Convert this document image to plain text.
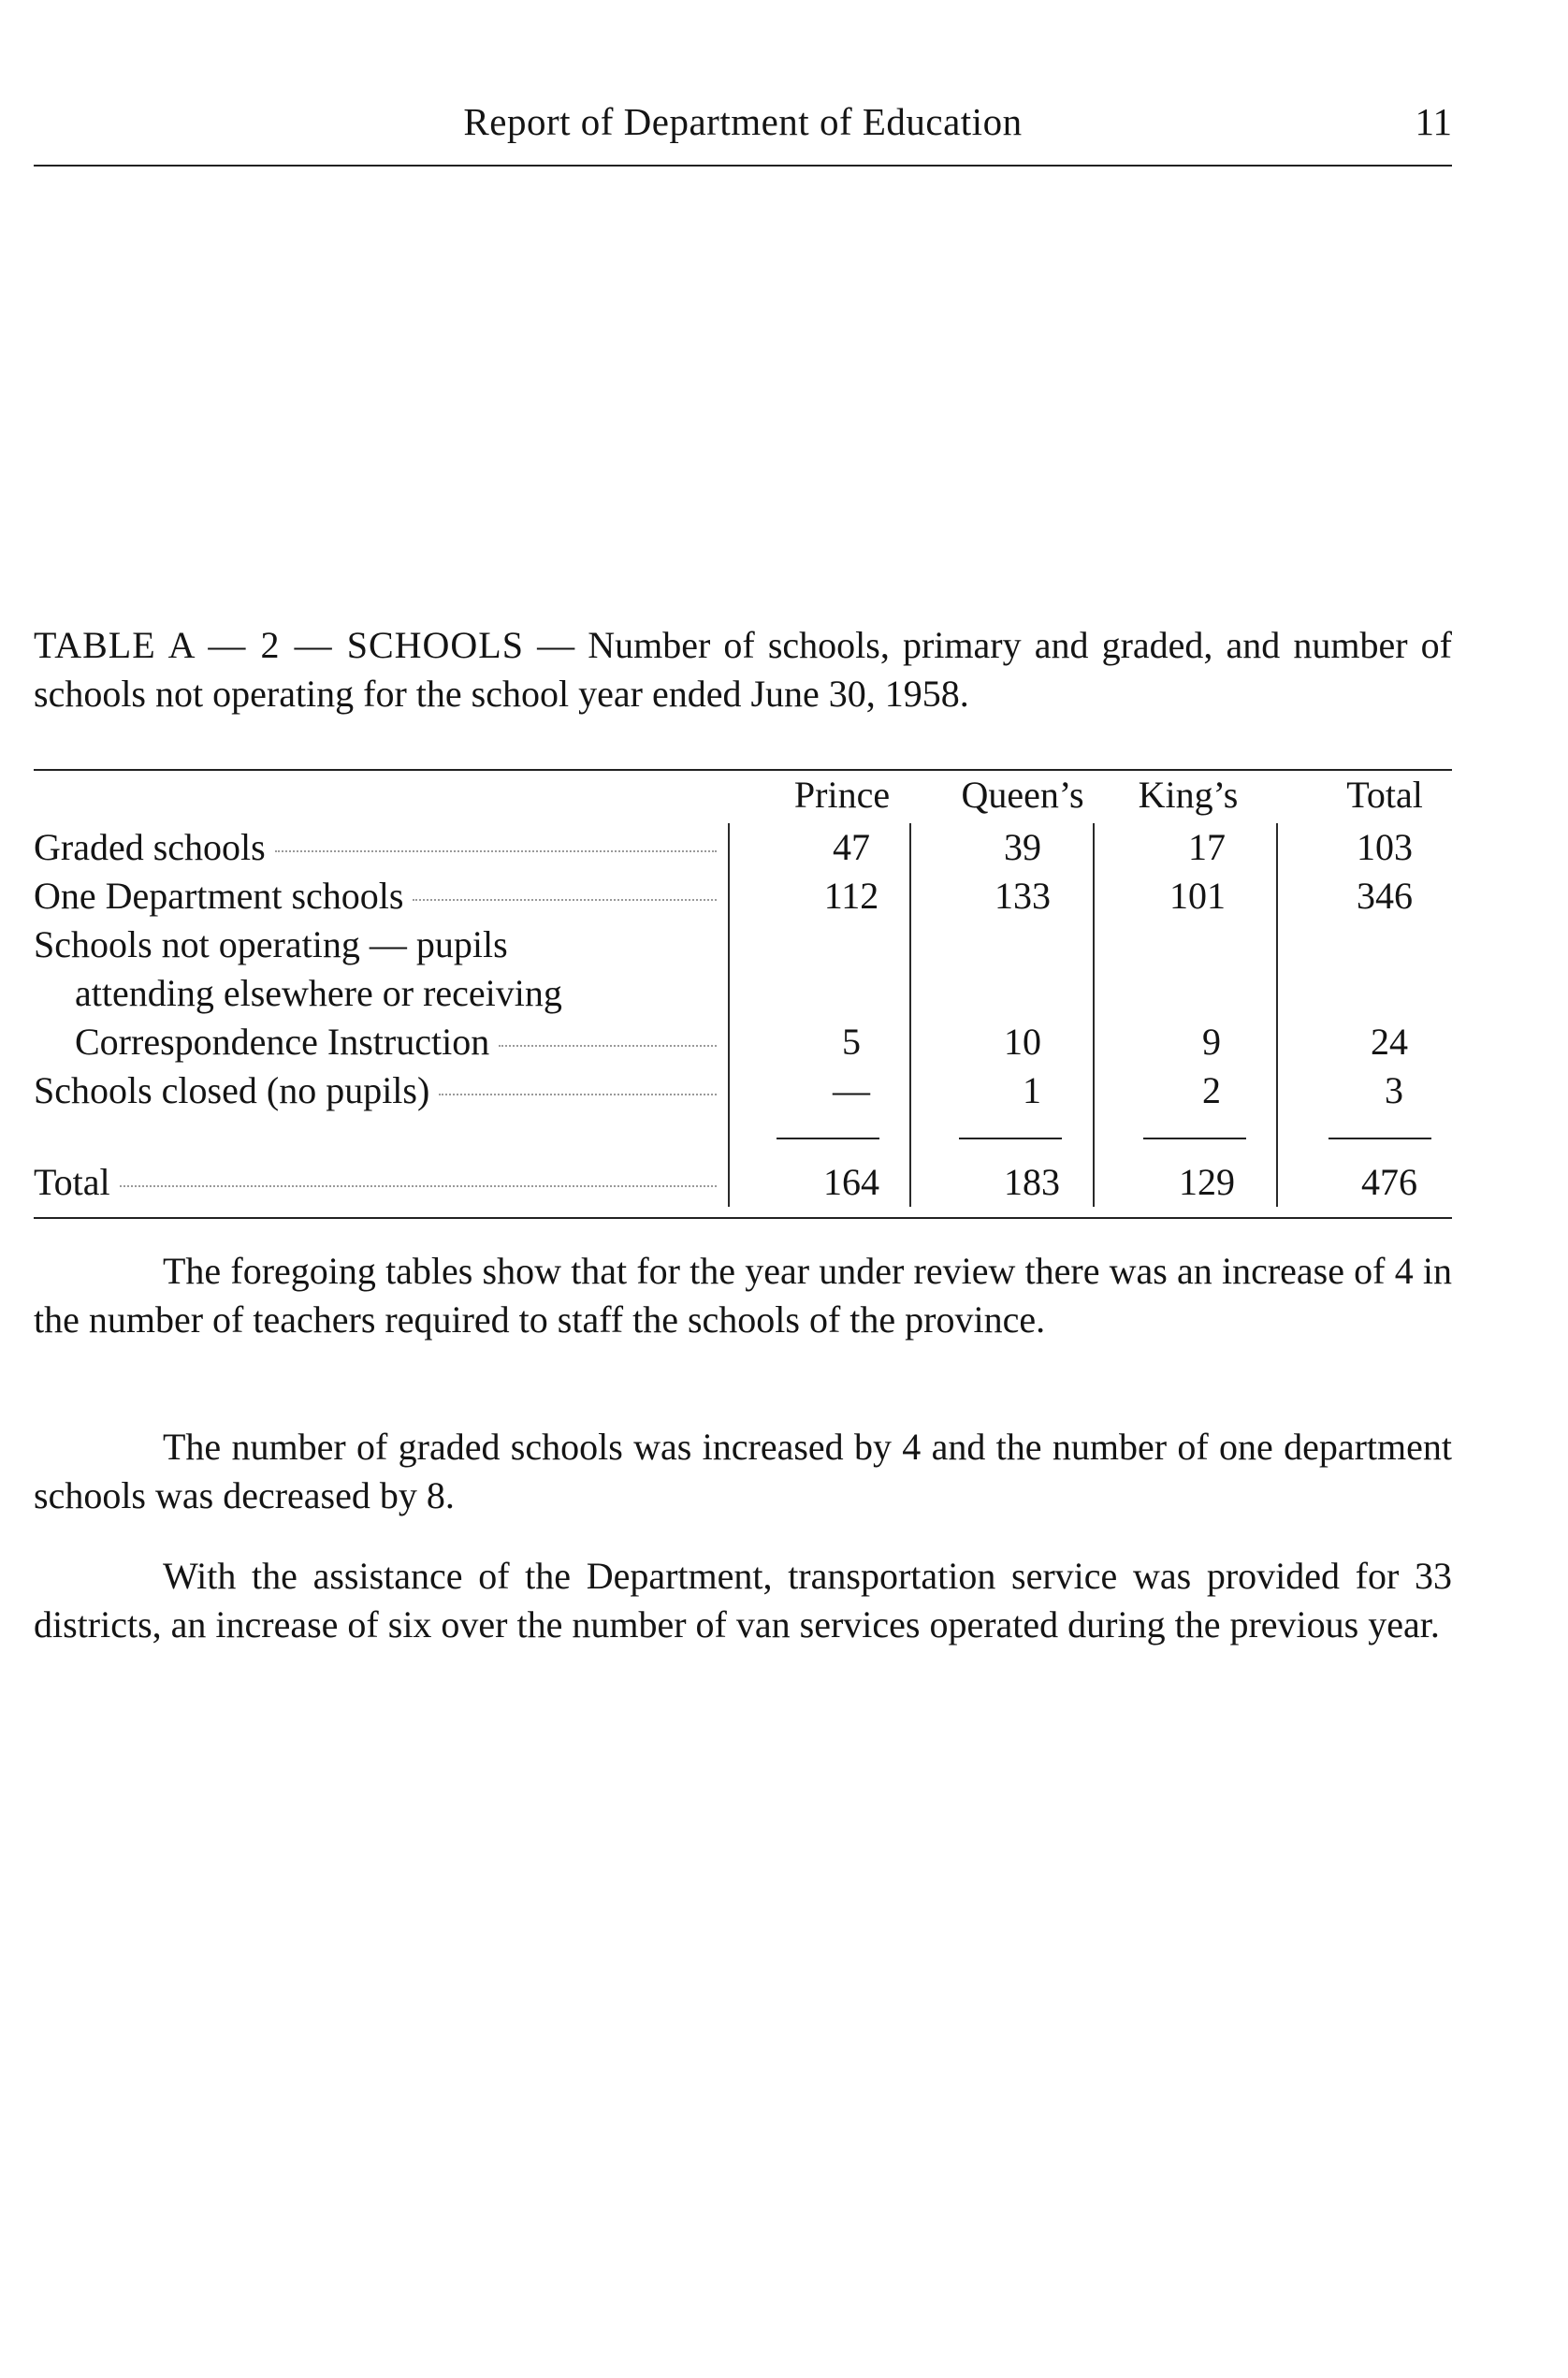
Report of Department of Education	11
TABLE A — 2 — SCHOOLS — Number of schools, primary and graded, and number of schools not operating for the school year ended June 30, 1958.
Prince	Queen’s	King’s	Total
Graded schools	47	39	17	103
One Department schools	112	133	101	346
Schools not operating — pupils
attending elsewhere or receiving
Correspondence Instruction	5	10	9	24
Schools closed (no pupils)	—	1	2	3
Total	164	183	129	476

The foregoing tables show that for the year under review there was an increase of 4 in the number of teachers required to staff the schools of the province.

The number of graded schools was increased by 4 and the number of one department schools was decreased by 8.

With the assistance of the Department, transportation service was provided for 33 districts, an increase of six over the number of van services operated during the previous year.
